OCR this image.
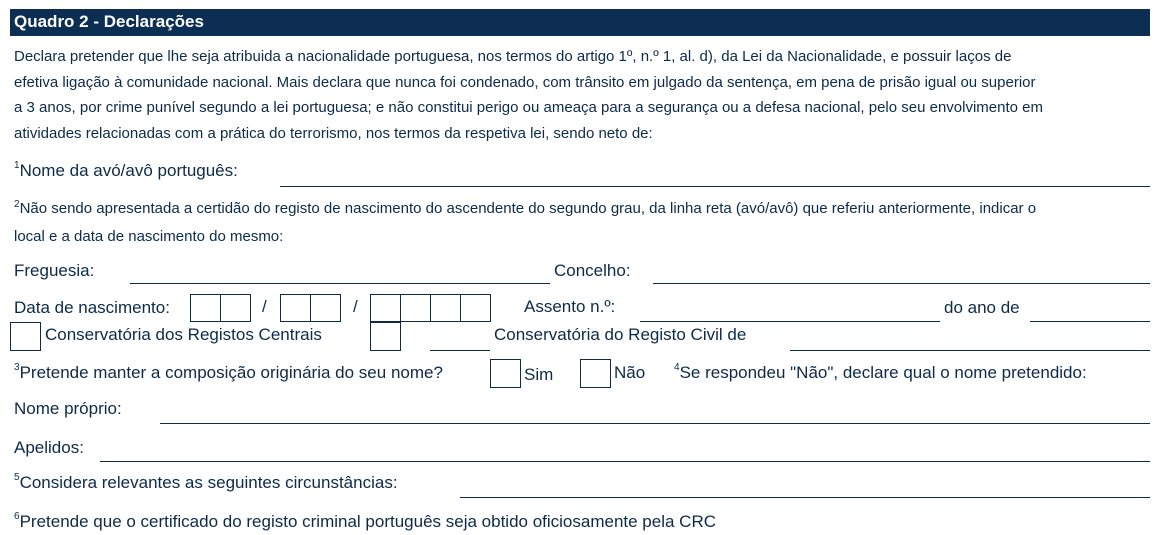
Quadro 2 - Declarações
Declara pretender que lhe seja atribuida a nacionalidade portuguesa, nos termos do artigo 1º, n.º 1, al. d), da Lei da Nacionalidade, e possuir laços de
efetiva ligação à comunidade nacional. Mais declara que nunca foi condenado, com trânsito em julgado da sentença, em pena de prisão igual ou superior
a 3 anos, por crime punível segundo a lei portuguesa; e não constitui perigo ou ameaça para a segurança ou a defesa nacional, pelo seu envolvimento em
atividades relacionadas com a prática do terrorismo, nos termos da respetiva lei, sendo neto de:
$^1$Nome da avó/avô português:
$^2$Não sendo apresentada a certidão do registo de nascimento do ascendente do segundo grau, da linha reta (avó/avô) que referiu anteriormente, indicar o
local e a data de nascimento do mesmo:
Freguesia:	Concelho:
Data de nascimento:	/	/	Assento n.º:	do ano de
Conservatória dos Registos Centrais	Conservatória do Registo Civil de
$^3$Pretende manter a composição originária do seu nome?	Sim	Não	$^4$Se respondeu "Não", declare qual o nome pretendido:
Nome próprio:
Apelidos:
$^5$Considera relevantes as seguintes circunstâncias:
$^6$Pretende que o certificado do registo criminal português seja obtido oficiosamente pela CRC
